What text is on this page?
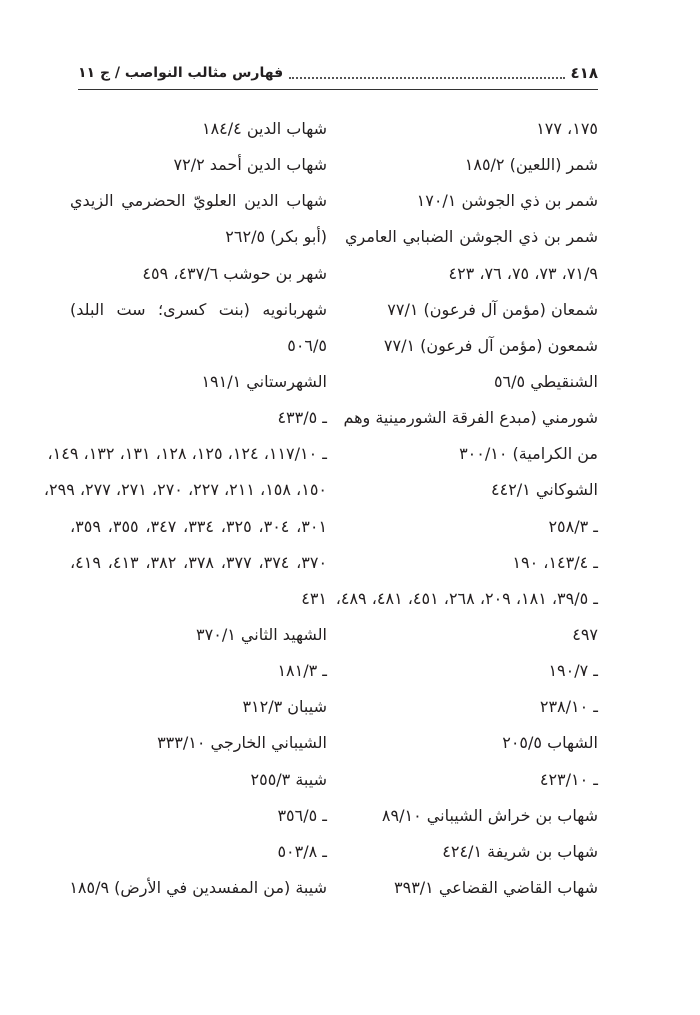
٤١٨
فهارس مثالب النواصب / ج ١١
١٧٥، ١٧٧
شمر (اللعين) ١٨٥/٢
شمر بن ذي الجوشن ١٧٠/١
شمر بن ذي الجوشن الضبابي العامري
٧١/٩، ٧٣، ٧٥، ٧٦، ٤٢٣
شمعان (مؤمن آل فرعون) ٧٧/١
شمعون (مؤمن آل فرعون) ٧٧/١
الشنقيطي ٥٦/٥
شورمني (مبدع الفرقة الشورمينية وهم
من الكرامية) ٣٠٠/١٠
الشوكاني ٤٤٢/١
ـ ٢٥٨/٣
ـ ١٤٣/٤، ١٩٠
ـ ٣٩/٥، ١٨١، ٢٠٩، ٢٦٨، ٤٥١، ٤٨١، ٤٨٩،
٤٩٧
ـ ١٩٠/٧
ـ ٢٣٨/١٠
الشهاب ٢٠٥/٥
ـ ٤٢٣/١٠
شهاب بن خراش الشيباني ٨٩/١٠
شهاب بن شريفة ٤٢٤/١
شهاب القاضي القضاعي ٣٩٣/١
شهاب الدين ١٨٤/٤
شهاب الدين أحمد ٧٢/٢
شهاب الدين العلويّ الحضرمي الزيدي
(أبو بكر) ٢٦٢/٥
شهر بن حوشب ٤٣٧/٦، ٤٥٩
شهربانويه (بنت كسرى؛ ست البلد)
٥٠٦/٥
الشهرستاني ١٩١/١
ـ ٤٣٣/٥
ـ ١١٧/١٠، ١٢٤، ١٢٥، ١٢٨، ١٣١، ١٣٢، ١٤٩،
١٥٠، ١٥٨، ٢١١، ٢٢٧، ٢٧٠، ٢٧١، ٢٧٧، ٢٩٩،
٣٠١، ٣٠٤، ٣٢٥، ٣٣٤، ٣٤٧، ٣٥٥، ٣٥٩،
٣٧٠، ٣٧٤، ٣٧٧، ٣٧٨، ٣٨٢، ٤١٣، ٤١٩،
٤٣١
الشهيد الثاني ٣٧٠/١
ـ ١٨١/٣
شيبان ٣١٢/٣
الشيباني الخارجي ٣٣٣/١٠
شيبة ٢٥٥/٣
ـ ٣٥٦/٥
ـ ٥٠٣/٨
شيبة (من المفسدين في الأرض) ١٨٥/٩
